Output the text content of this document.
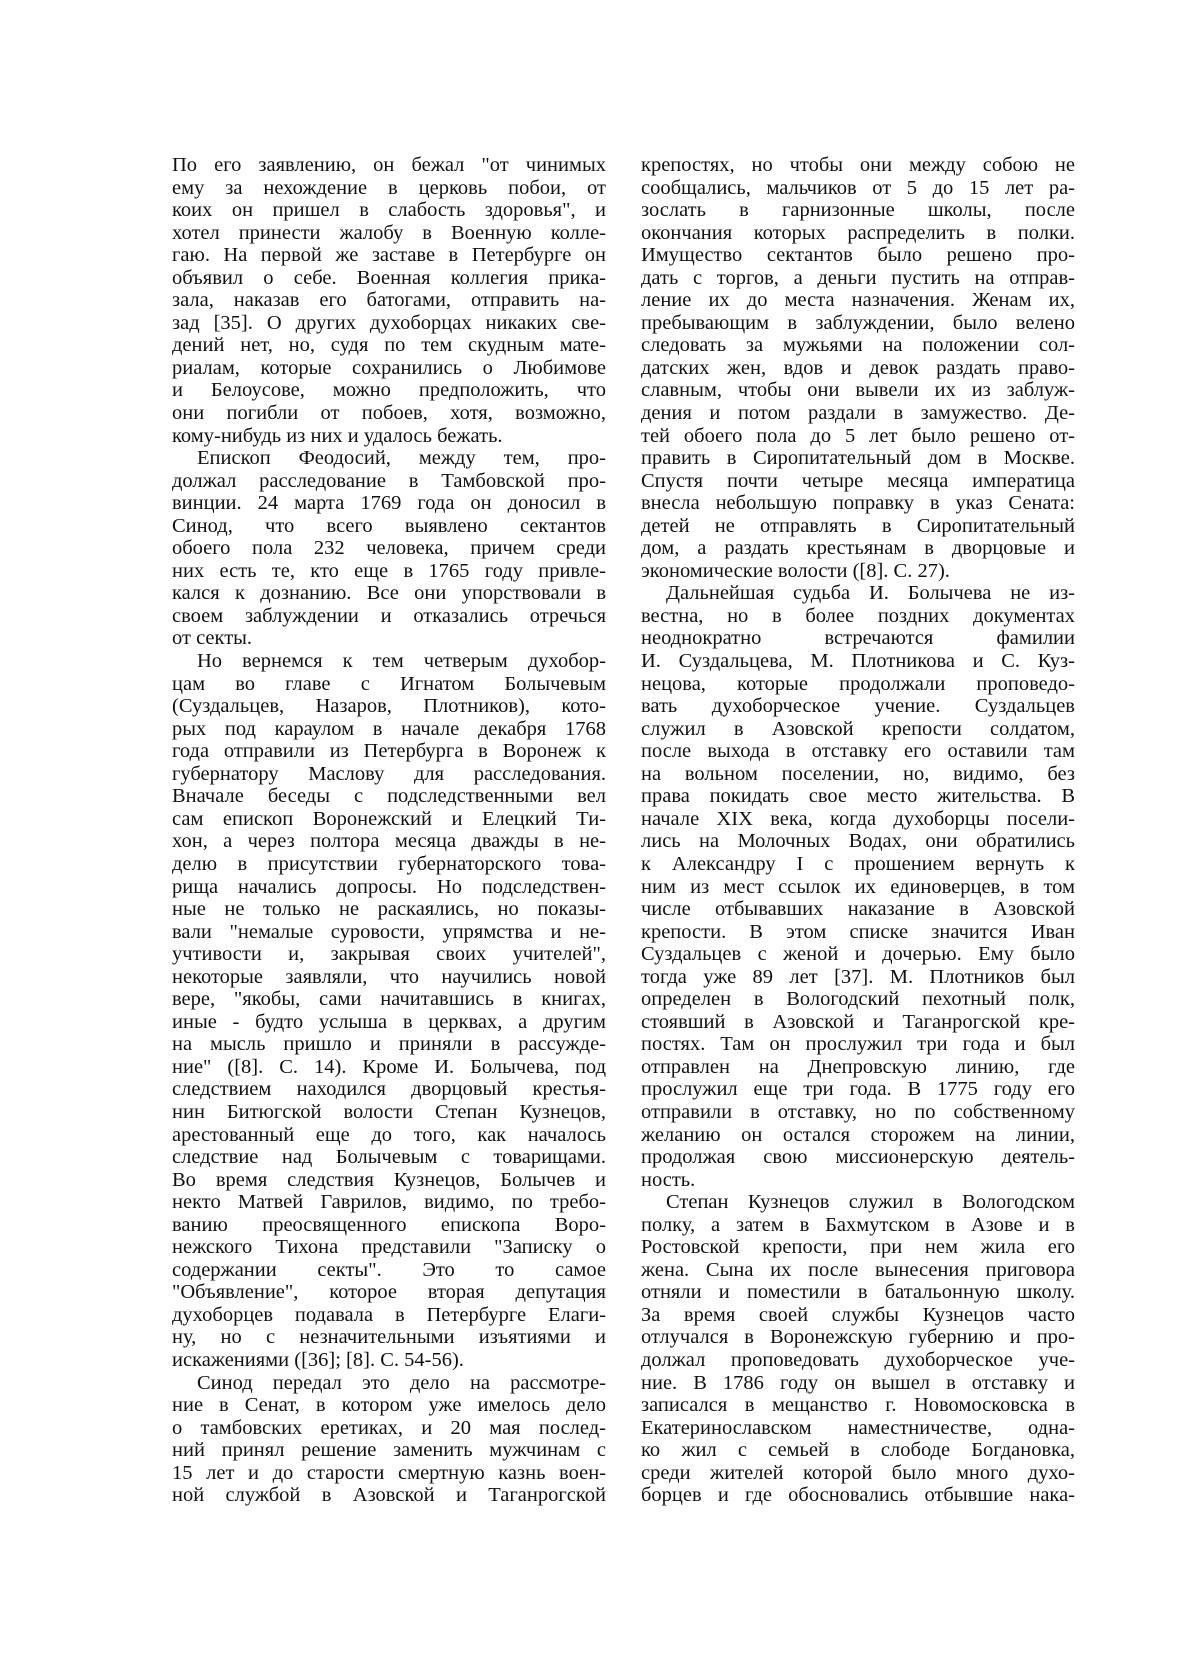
По его заявлению, он бежал "от чинимых
ему за нехождение в церковь побои, от
коих он пришел в слабость здоровья", и
хотел принести жалобу в Военную колле-
гаю. На первой же заставе в Петербурге он
объявил о себе. Военная коллегия прика-
зала, наказав его батогами, отправить на-
зад [35]. О других духоборцах никаких све-
дений нет, но, судя по тем скудным мате-
риалам, которые сохранились о Любимове
и Белоусове, можно предположить, что
они погибли от побоев, хотя, возможно,
кому-нибудь из них и удалось бежать.
Епископ Феодосий, между тем, про-
должал расследование в Тамбовской про-
винции. 24 марта 1769 года он доносил в
Синод, что всего выявлено сектантов
обоего пола 232 человека, причем среди
них есть те, кто еще в 1765 году привле-
кался к дознанию. Все они упорствовали в
своем заблуждении и отказались отречься
от секты.
Но вернемся к тем четверым духобор-
цам во главе с Игнатом Болычевым
(Суздальцев, Назаров, Плотников), кото-
рых под караулом в начале декабря 1768
года отправили из Петербурга в Воронеж к
губернатору Маслову для расследования.
Вначале беседы с подследственными вел
сам епископ Воронежский и Елецкий Ти-
хон, а через полтора месяца дважды в не-
делю в присутствии губернаторского това-
рища начались допросы. Но подследствен-
ные не только не раскаялись, но показы-
вали "немалые суровости, упрямства и не-
учтивости и, закрывая своих учителей",
некоторые заявляли, что научились новой
вере, "якобы, сами начитавшись в книгах,
иные - будто услыша в церквах, а другим
на мысль пришло и приняли в рассужде-
ние" ([8]. С. 14). Кроме И. Болычева, под
следствием находился дворцовый крестья-
нин Битюгской волости Степан Кузнецов,
арестованный еще до того, как началось
следствие над Болычевым с товарищами.
Во время следствия Кузнецов, Болычев и
некто Матвей Гаврилов, видимо, по требо-
ванию преосвященного епископа Воро-
нежского Тихона представили "Записку о
содержании секты". Это то самое
"Объявление", которое вторая депутация
духоборцев подавала в Петербурге Елаги-
ну, но с незначительными изъятиями и
искажениями ([36]; [8]. С. 54-56).
Синод передал это дело на рассмотре-
ние в Сенат, в котором уже имелось дело
о тамбовских еретиках, и 20 мая послед-
ний принял решение заменить мужчинам с
15 лет и до старости смертную казнь воен-
ной службой в Азовской и Таганрогской
крепостях, но чтобы они между собою не
сообщались, мальчиков от 5 до 15 лет ра-
зослать в гарнизонные школы, после
окончания которых распределить в полки.
Имущество сектантов было решено про-
дать с торгов, а деньги пустить на отправ-
ление их до места назначения. Женам их,
пребывающим в заблуждении, было велено
следовать за мужьями на положении сол-
датских жен, вдов и девок раздать право-
славным, чтобы они вывели их из заблуж-
дения и потом раздали в замужество. Де-
тей обоего пола до 5 лет было решено от-
править в Сиропитательный дом в Москве.
Спустя почти четыре месяца императица
внесла небольшую поправку в указ Сената:
детей не отправлять в Сиропитательный
дом, а раздать крестьянам в дворцовые и
экономические волости ([8]. С. 27).
Дальнейшая судьба И. Болычева не из-
вестна, но в более поздних документах
неоднократно встречаются фамилии
И. Суздальцева, М. Плотникова и С. Куз-
нецова, которые продолжали проповедо-
вать духоборческое учение. Суздальцев
служил в Азовской крепости солдатом,
после выхода в отставку его оставили там
на вольном поселении, но, видимо, без
права покидать свое место жительства. В
начале XIX века, когда духоборцы посели-
лись на Молочных Водах, они обратились
к Александру I с прошением вернуть к
ним из мест ссылок их единоверцев, в том
числе отбывавших наказание в Азовской
крепости. В этом списке значится Иван
Суздальцев с женой и дочерью. Ему было
тогда уже 89 лет [37]. М. Плотников был
определен в Вологодский пехотный полк,
стоявший в Азовской и Таганрогской кре-
постях. Там он прослужил три года и был
отправлен на Днепровскую линию, где
прослужил еще три года. В 1775 году его
отправили в отставку, но по собственному
желанию он остался сторожем на линии,
продолжая свою миссионерскую деятель-
ность.
Степан Кузнецов служил в Вологодском
полку, а затем в Бахмутском в Азове и в
Ростовской крепости, при нем жила его
жена. Сына их после вынесения приговора
отняли и поместили в батальонную школу.
За время своей службы Кузнецов часто
отлучался в Воронежскую губернию и про-
должал проповедовать духоборческое уче-
ние. В 1786 году он вышел в отставку и
записался в мещанство г. Новомосковска в
Екатеринославском наместничестве, одна-
ко жил с семьей в слободе Богдановка,
среди жителей которой было много духо-
борцев и где обосновались отбывшие нака-
